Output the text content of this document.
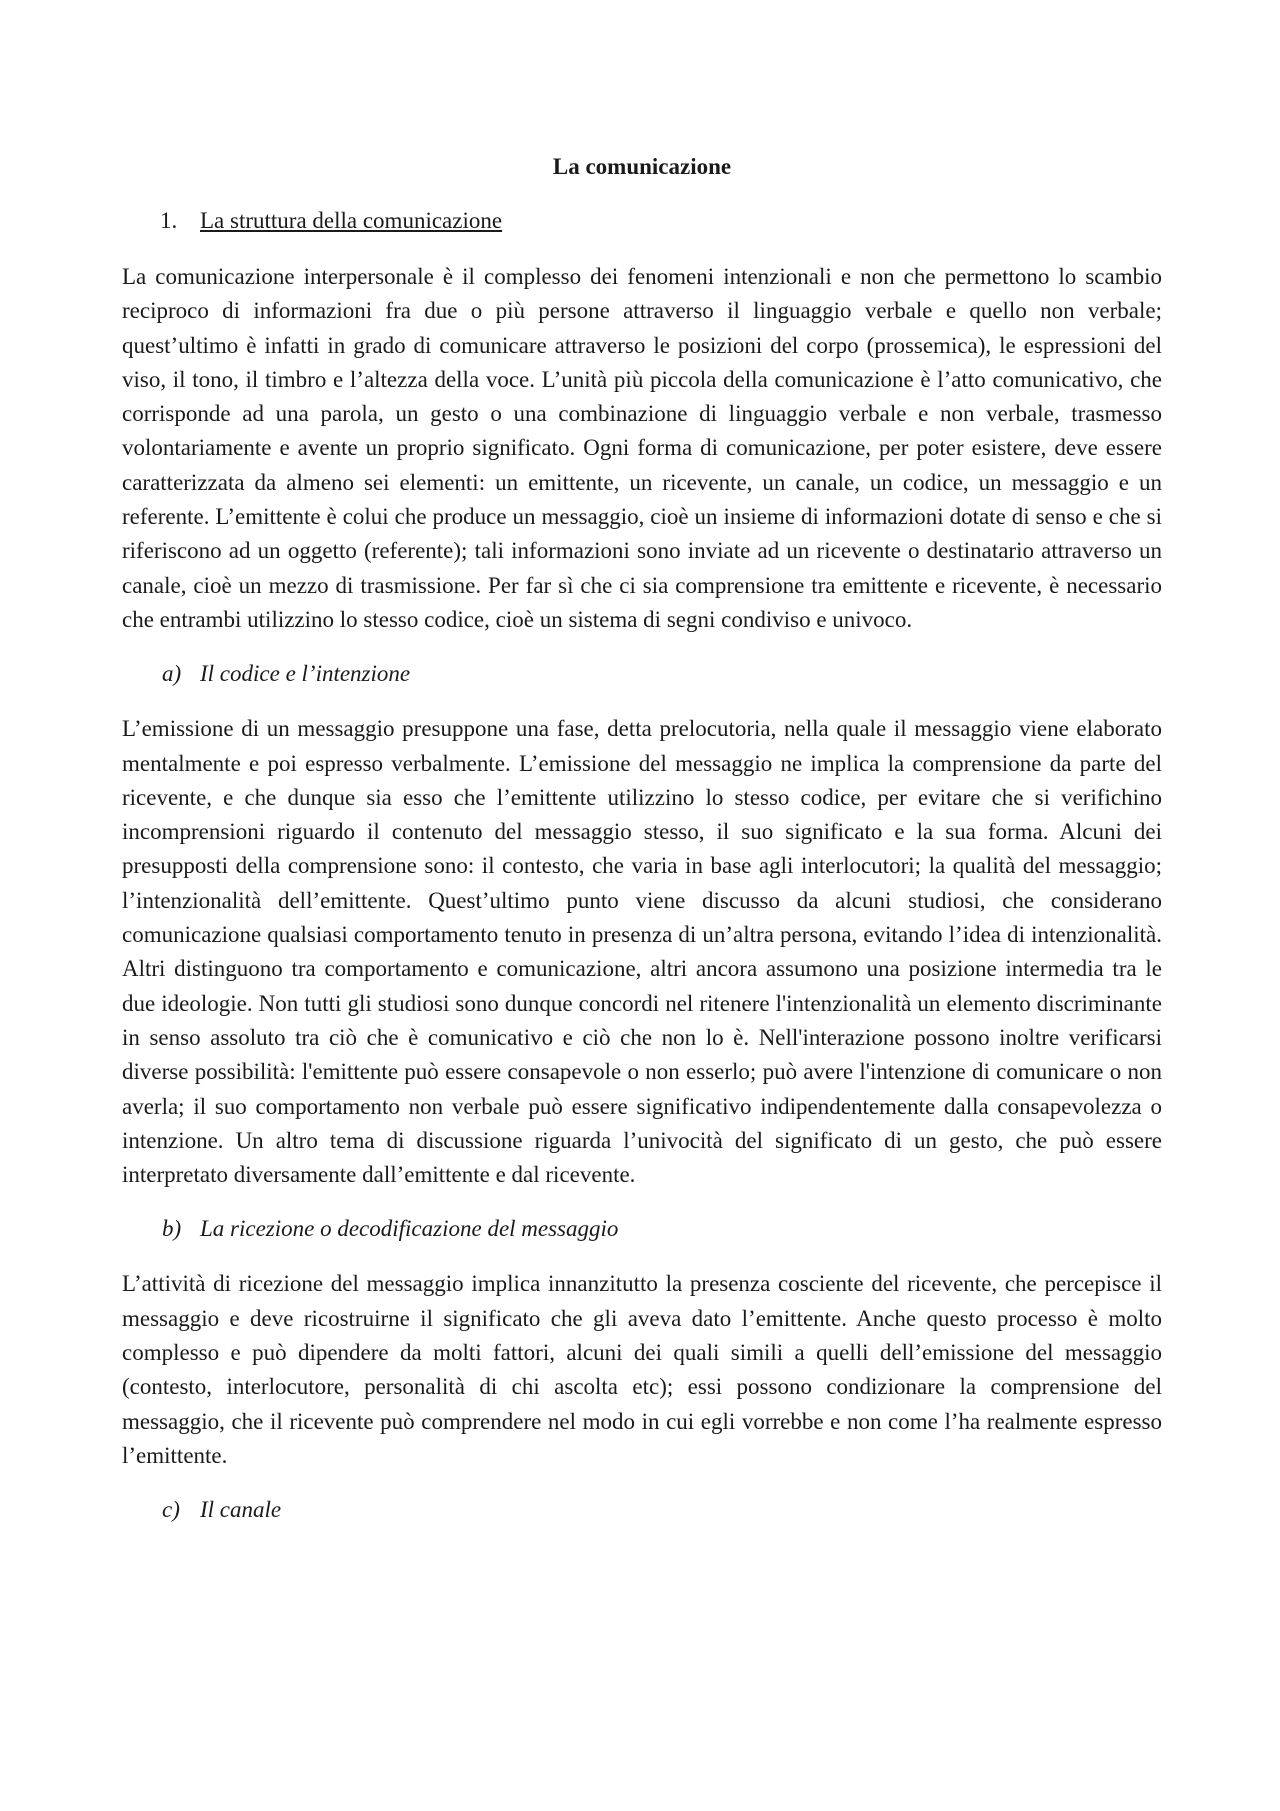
La comunicazione
1. La struttura della comunicazione

La comunicazione interpersonale è il complesso dei fenomeni intenzionali e non che permettono lo scambio reciproco di informazioni fra due o più persone attraverso il linguaggio verbale e quello non verbale; quest’ultimo è infatti in grado di comunicare attraverso le posizioni del corpo (prossemica), le espressioni del viso, il tono, il timbro e l’altezza della voce. L’unità più piccola della comunicazione è l’atto comunicativo, che corrisponde ad una parola, un gesto o una combinazione di linguaggio verbale e non verbale, trasmesso volontariamente e avente un proprio significato. Ogni forma di comunicazione, per poter esistere, deve essere caratterizzata da almeno sei elementi: un emittente, un ricevente, un canale, un codice, un messaggio e un referente. L’emittente è colui che produce un messaggio, cioè un insieme di informazioni dotate di senso e che si riferiscono ad un oggetto (referente); tali informazioni sono inviate ad un ricevente o destinatario attraverso un canale, cioè un mezzo di trasmissione. Per far sì che ci sia comprensione tra emittente e ricevente, è necessario che entrambi utilizzino lo stesso codice, cioè un sistema di segni condiviso e univoco.

a) Il codice e l’intenzione

L’emissione di un messaggio presuppone una fase, detta prelocutoria, nella quale il messaggio viene elaborato mentalmente e poi espresso verbalmente. L’emissione del messaggio ne implica la comprensione da parte del ricevente, e che dunque sia esso che l’emittente utilizzino lo stesso codice, per evitare che si verifichino incomprensioni riguardo il contenuto del messaggio stesso, il suo significato e la sua forma. Alcuni dei presupposti della comprensione sono: il contesto, che varia in base agli interlocutori; la qualità del messaggio; l’intenzionalità dell’emittente. Quest’ultimo punto viene discusso da alcuni studiosi, che considerano comunicazione qualsiasi comportamento tenuto in presenza di un’altra persona, evitando l’idea di intenzionalità. Altri distinguono tra comportamento e comunicazione, altri ancora assumono una posizione intermedia tra le due ideologie. Non tutti gli studiosi sono dunque concordi nel ritenere l'intenzionalità un elemento discriminante in senso assoluto tra ciò che è comunicativo e ciò che non lo è. Nell'interazione possono inoltre verificarsi diverse possibilità: l'emittente può essere consapevole o non esserlo; può avere l'intenzione di comunicare o non averla; il suo comportamento non verbale può essere significativo indipendentemente dalla consapevolezza o intenzione. Un altro tema di discussione riguarda l’univocità del significato di un gesto, che può essere interpretato diversamente dall’emittente e dal ricevente.

b) La ricezione o decodificazione del messaggio

L’attività di ricezione del messaggio implica innanzitutto la presenza cosciente del ricevente, che percepisce il messaggio e deve ricostruirne il significato che gli aveva dato l’emittente. Anche questo processo è molto complesso e può dipendere da molti fattori, alcuni dei quali simili a quelli dell’emissione del messaggio (contesto, interlocutore, personalità di chi ascolta etc); essi possono condizionare la comprensione del messaggio, che il ricevente può comprendere nel modo in cui egli vorrebbe e non come l’ha realmente espresso l’emittente.

c) Il canale
